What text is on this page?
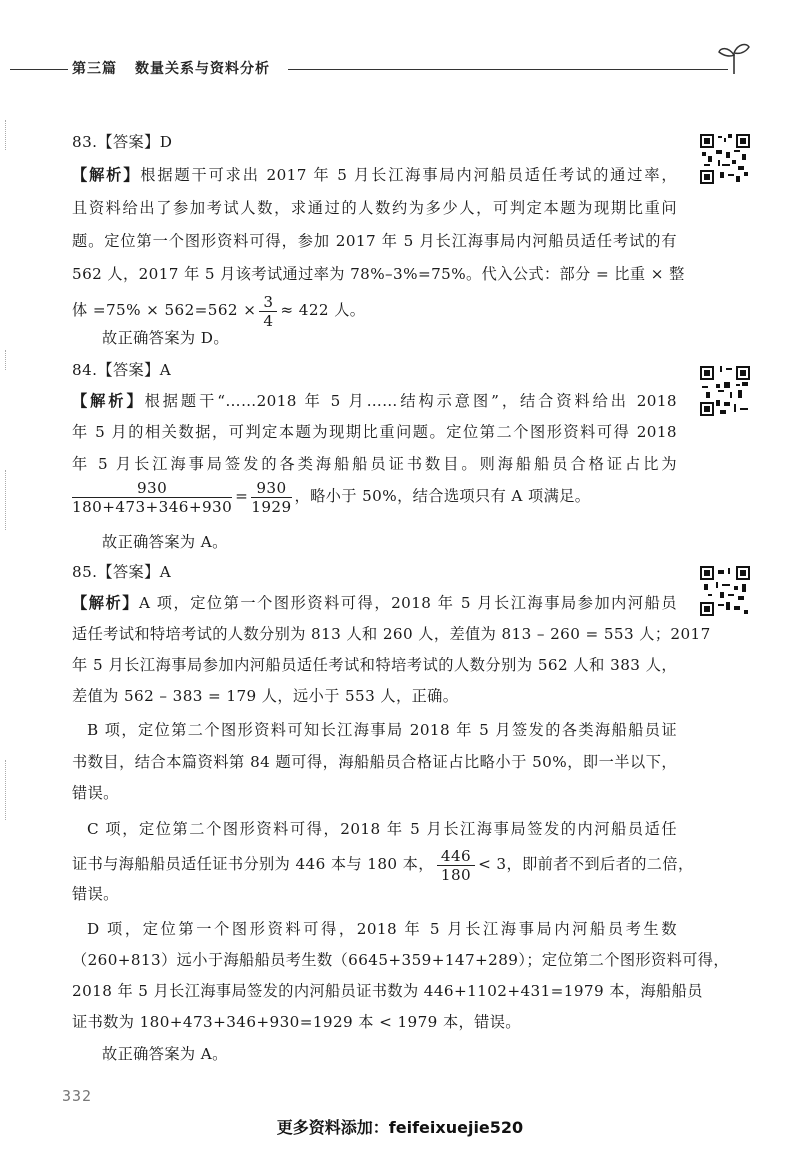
第三篇 数量关系与资料分析
83.【答案】D
【解析】根据题干可求出 2017 年 5 月长江海事局内河船员适任考试的通过率，
且资料给出了参加考试人数，求通过的人数约为多少人，可判定本题为现期比重问
题。定位第一个图形资料可得，参加 2017 年 5 月长江海事局内河船员适任考试的有
562 人，2017 年 5 月该考试通过率为 78%–3%=75%。代入公式：部分 = 比重 × 整
体 $=75\% \times 562=562 \times \frac{3}{4} \approx 422$ 人。
故正确答案为 D。
84.【答案】A
【解析】根据题干“……2018 年 5 月……结构示意图”，结合资料给出 2018
年 5 月的相关数据，可判定本题为现期比重问题。定位第二个图形资料可得 2018
年 5 月长江海事局签发的各类海船船员证书数目。则海船船员合格证占比为
$\frac{930}{180+473+346+930} = \frac{930}{1929}$ ，略小于 50%，结合选项只有 A 项满足。
故正确答案为 A。
85.【答案】A
【解析】A 项，定位第一个图形资料可得，2018 年 5 月长江海事局参加内河船员
适任考试和特培考试的人数分别为 813 人和 260 人，差值为 813 – 260 = 553 人；2017
年 5 月长江海事局参加内河船员适任考试和特培考试的人数分别为 562 人和 383 人，
差值为 562 – 383 = 179 人，远小于 553 人，正确。
B 项，定位第二个图形资料可知长江海事局 2018 年 5 月签发的各类海船船员证
书数目，结合本篇资料第 84 题可得，海船船员合格证占比略小于 50%，即一半以下，
错误。
C 项，定位第二个图形资料可得，2018 年 5 月长江海事局签发的内河船员适任
证书与海船船员适任证书分别为 446 本与 180 本， $\frac{446}{180} < 3$，即前者不到后者的二倍，
错误。
D 项，定位第一个图形资料可得，2018 年 5 月长江海事局内河船员考生数
（260+813）远小于海船船员考生数（6645+359+147+289）；定位第二个图形资料可得，
2018 年 5 月长江海事局签发的内河船员证书数为 446+1102+431=1979 本，海船船员
证书数为 180+473+346+930=1929 本 < 1979 本，错误。
故正确答案为 A。
332
更多资料添加：feifeixuejie520
